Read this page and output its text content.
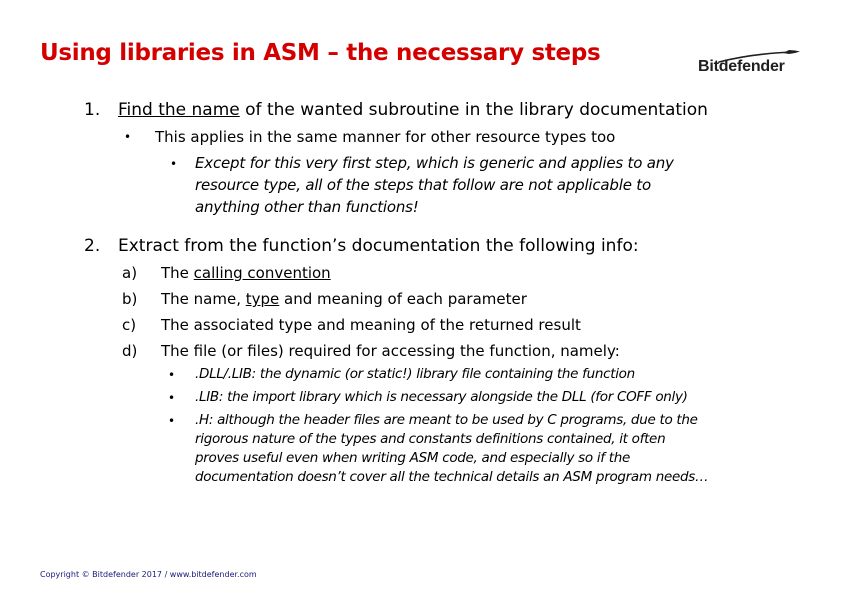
Using libraries in ASM – the necessary steps
Bitdefender
1. Find the name of the wanted subroutine in the library documentation
• This applies in the same manner for other resource types too
• Except for this very first step, which is generic and applies to any
resource type, all of the steps that follow are not applicable to
anything other than functions!
2. Extract from the function’s documentation the following info:
a) The calling convention
b) The name, type and meaning of each parameter
c) The associated type and meaning of the returned result
d) The file (or files) required for accessing the function, namely:
• .DLL/.LIB: the dynamic (or static!) library file containing the function
• .LIB: the import library which is necessary alongside the DLL (for COFF only)
• .H: although the header files are meant to be used by C programs, due to the
rigorous nature of the types and constants definitions contained, it often
proves useful even when writing ASM code, and especially so if the
documentation doesn’t cover all the technical details an ASM program needs…
Copyright © Bitdefender 2017 / www.bitdefender.com
